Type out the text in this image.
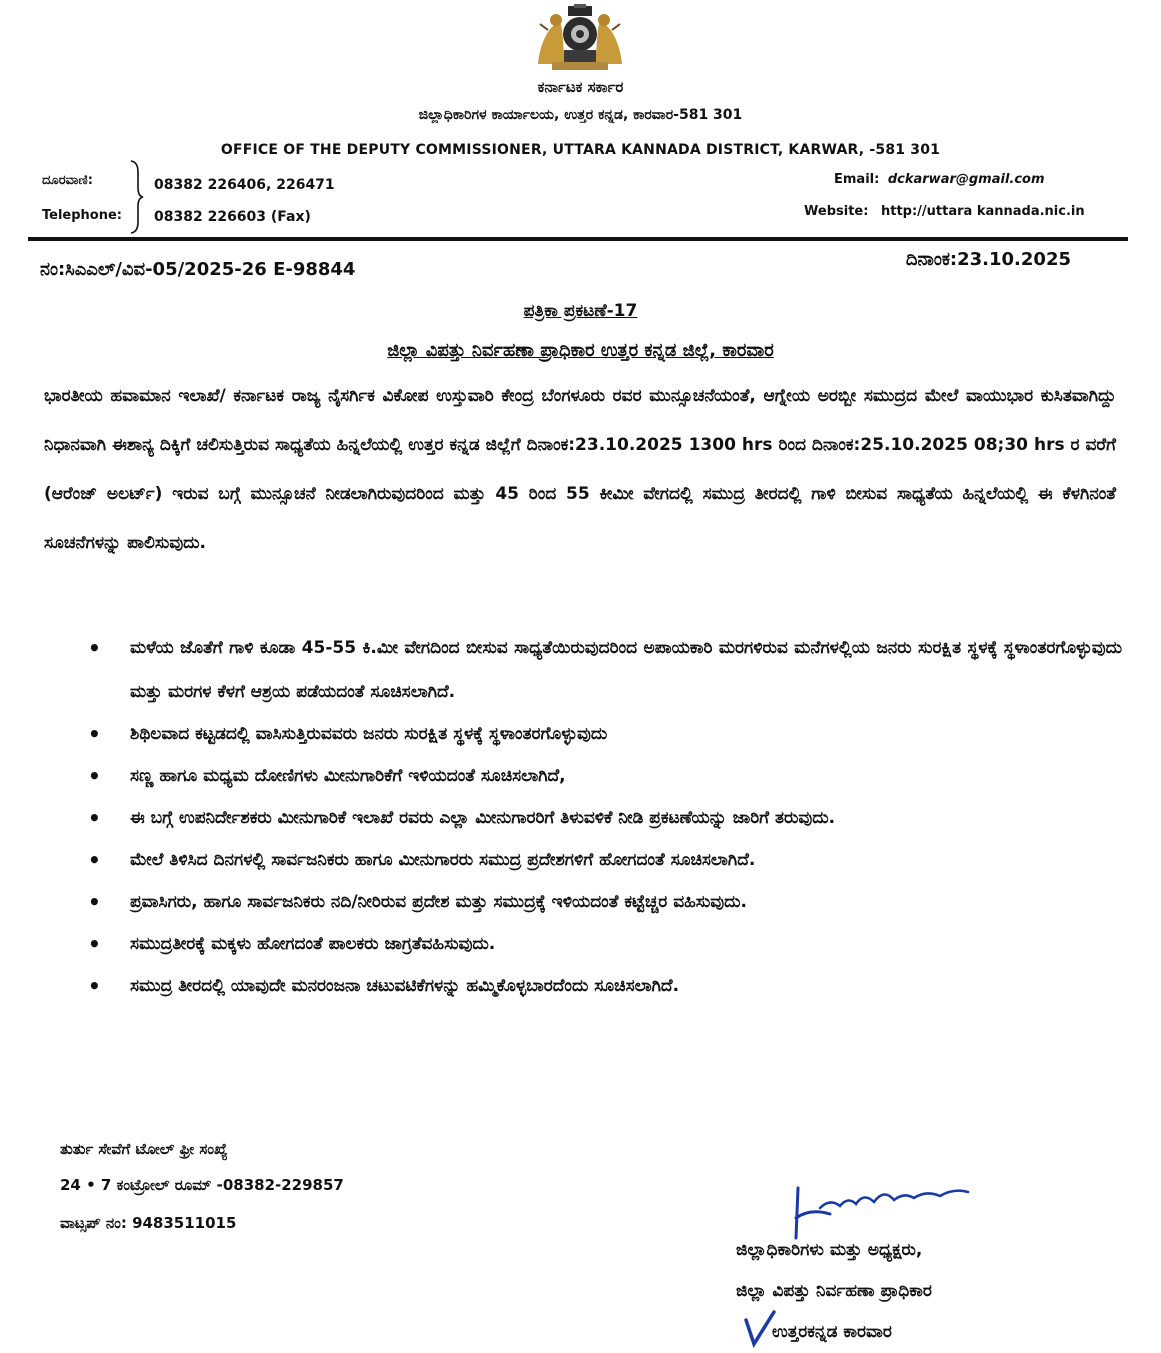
ಕರ್ನಾಟಕ ಸರ್ಕಾರ
ಜಿಲ್ಲಾಧಿಕಾರಿಗಳ ಕಾರ್ಯಾಲಯ, ಉತ್ತರ ಕನ್ನಡ, ಕಾರವಾರ-581 301
OFFICE OF THE DEPUTY COMMISSIONER, UTTARA KANNADA DISTRICT, KARWAR, -581 301
ದೂರವಾಣಿ:
Telephone:
08382 226406, 226471
08382 226603 (Fax)
Email: dckarwar@gmail.com
Website: http://uttara kannada.nic.in
ನಂ:ಸಿಎಎಲ್/ವಿವ-05/2025-26 E-98844	ದಿನಾಂಕ:23.10.2025
ಪತ್ರಿಕಾ ಪ್ರಕಟಣೆ-17
ಜಿಲ್ಲಾ ವಿಪತ್ತು ನಿರ್ವಹಣಾ ಪ್ರಾಧಿಕಾರ ಉತ್ತರ ಕನ್ನಡ ಜಿಲ್ಲೆ, ಕಾರವಾರ
ಭಾರತೀಯ ಹವಾಮಾನ ಇಲಾಖೆ/ ಕರ್ನಾಟಕ ರಾಜ್ಯ ನೈಸರ್ಗಿಕ ವಿಕೋಪ ಉಸ್ತುವಾರಿ ಕೇಂದ್ರ ಬೆಂಗಳೂರು ರವರ ಮುನ್ಸೂಚನೆಯಂತೆ, ಆಗ್ನೇಯ ಅರಬ್ಬೀ ಸಮುದ್ರದ ಮೇಲೆ ವಾಯುಭಾರ ಕುಸಿತವಾಗಿದ್ದು ನಿಧಾನವಾಗಿ ಈಶಾನ್ಯ ದಿಕ್ಕಿಗೆ ಚಲಿಸುತ್ತಿರುವ ಸಾಧ್ಯತೆಯ ಹಿನ್ನಲೆಯಲ್ಲಿ ಉತ್ತರ ಕನ್ನಡ ಜಿಲ್ಲೆಗೆ ದಿನಾಂಕ:23.10.2025 1300 hrs ರಿಂದ ದಿನಾಂಕ:25.10.2025 08;30 hrs ರ ವರೆಗೆ (ಆರೆಂಜ್ ಅಲರ್ಟ್) ಇರುವ ಬಗ್ಗೆ ಮುನ್ಸೂಚನೆ ನೀಡಲಾಗಿರುವುದರಿಂದ ಮತ್ತು 45 ರಿಂದ 55 ಕೀಮೀ ವೇಗದಲ್ಲಿ ಸಮುದ್ರ ತೀರದಲ್ಲಿ ಗಾಳಿ ಬೀಸುವ ಸಾಧ್ಯತೆಯ ಹಿನ್ನಲೆಯಲ್ಲಿ ಈ ಕೆಳಗಿನಂತೆ ಸೂಚನೆಗಳನ್ನು ಪಾಲಿಸುವುದು.
• ಮಳೆಯ ಜೊತೆಗೆ ಗಾಳಿ ಕೂಡಾ 45-55 ಕಿ.ಮೀ ವೇಗದಿಂದ ಬೀಸುವ ಸಾಧ್ಯತೆಯಿರುವುದರಿಂದ ಅಪಾಯಕಾರಿ ಮರಗಳಿರುವ ಮನೆಗಳಲ್ಲಿಯ ಜನರು ಸುರಕ್ಷಿತ ಸ್ಥಳಕ್ಕೆ ಸ್ಥಳಾಂತರಗೊಳ್ಳುವುದು ಮತ್ತು ಮರಗಳ ಕೆಳಗೆ ಆಶ್ರಯ ಪಡೆಯದಂತೆ ಸೂಚಿಸಲಾಗಿದೆ.
• ಶಿಥಿಲವಾದ ಕಟ್ಟಡದಲ್ಲಿ ವಾಸಿಸುತ್ತಿರುವವರು ಜನರು ಸುರಕ್ಷಿತ ಸ್ಥಳಕ್ಕೆ ಸ್ಥಳಾಂತರಗೊಳ್ಳುವುದು
• ಸಣ್ಣ ಹಾಗೂ ಮಧ್ಯಮ ದೋಣಿಗಳು ಮೀನುಗಾರಿಕೆಗೆ ಇಳಿಯದಂತೆ ಸೂಚಿಸಲಾಗಿದೆ,
• ಈ ಬಗ್ಗೆ ಉಪನಿರ್ದೇಶಕರು ಮೀನುಗಾರಿಕೆ ಇಲಾಖೆ ರವರು ಎಲ್ಲಾ ಮೀನುಗಾರರಿಗೆ ತಿಳುವಳಿಕೆ ನೀಡಿ ಪ್ರಕಟಣೆಯನ್ನು ಜಾರಿಗೆ ತರುವುದು.
• ಮೇಲೆ ತಿಳಿಸಿದ ದಿನಗಳಲ್ಲಿ ಸಾರ್ವಜನಿಕರು ಹಾಗೂ ಮೀನುಗಾರರು ಸಮುದ್ರ ಪ್ರದೇಶಗಳಿಗೆ ಹೋಗದಂತೆ ಸೂಚಿಸಲಾಗಿದೆ.
• ಪ್ರವಾಸಿಗರು, ಹಾಗೂ ಸಾರ್ವಜನಿಕರು ನದಿ/ನೀರಿರುವ ಪ್ರದೇಶ ಮತ್ತು ಸಮುದ್ರಕ್ಕೆ ಇಳಿಯದಂತೆ ಕಟ್ಟೆಚ್ಚರ ವಹಿಸುವುದು.
• ಸಮುದ್ರತೀರಕ್ಕೆ ಮಕ್ಕಳು ಹೋಗದಂತೆ ಪಾಲಕರು ಜಾಗ್ರತೆವಹಿಸುವುದು.
• ಸಮುದ್ರ ತೀರದಲ್ಲಿ ಯಾವುದೇ ಮನರಂಜನಾ ಚಟುವಟಿಕೆಗಳನ್ನು ಹಮ್ಮಿಕೊಳ್ಳಬಾರದೆಂದು ಸೂಚಿಸಲಾಗಿದೆ.
ತುರ್ತು ಸೇವೆಗೆ ಟೋಲ್ ಫ್ರೀ ಸಂಖ್ಯೆ
24 • 7 ಕಂಟ್ರೋಲ್ ರೂಮ್ -08382-229857
ವಾಟ್ಸಪ್ ನಂ: 9483511015
ಜಿಲ್ಲಾಧಿಕಾರಿಗಳು ಮತ್ತು ಅಧ್ಯಕ್ಷರು,
ಜಿಲ್ಲಾ ವಿಪತ್ತು ನಿರ್ವಹಣಾ ಪ್ರಾಧಿಕಾರ
ಉತ್ತರಕನ್ನಡ ಕಾರವಾರ
